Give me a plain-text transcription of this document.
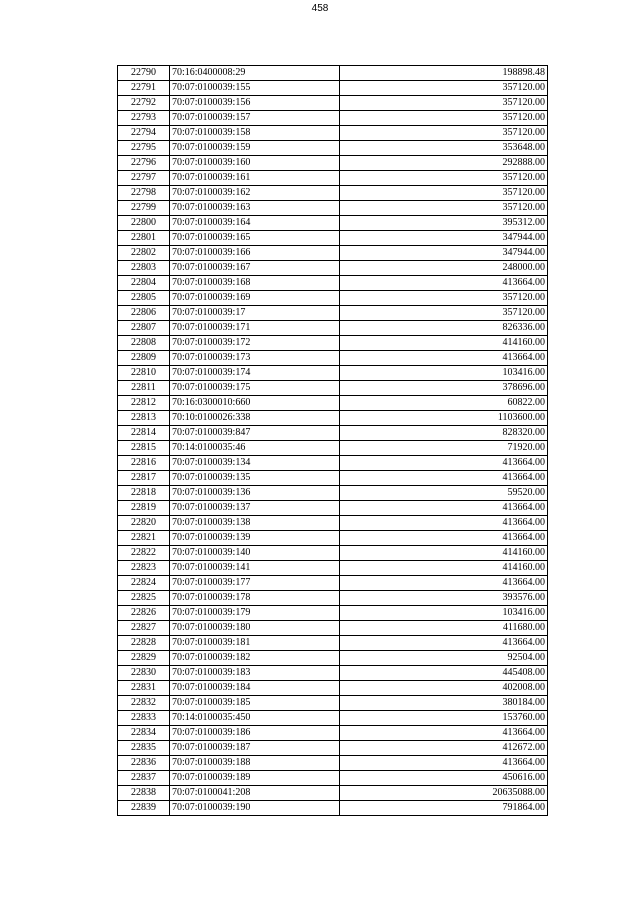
458
22790	70:16:0400008:29	198898.48
22791	70:07:0100039:155	357120.00
22792	70:07:0100039:156	357120.00
22793	70:07:0100039:157	357120.00
22794	70:07:0100039:158	357120.00
22795	70:07:0100039:159	353648.00
22796	70:07:0100039:160	292888.00
22797	70:07:0100039:161	357120.00
22798	70:07:0100039:162	357120.00
22799	70:07:0100039:163	357120.00
22800	70:07:0100039:164	395312.00
22801	70:07:0100039:165	347944.00
22802	70:07:0100039:166	347944.00
22803	70:07:0100039:167	248000.00
22804	70:07:0100039:168	413664.00
22805	70:07:0100039:169	357120.00
22806	70:07:0100039:17	357120.00
22807	70:07:0100039:171	826336.00
22808	70:07:0100039:172	414160.00
22809	70:07:0100039:173	413664.00
22810	70:07:0100039:174	103416.00
22811	70:07:0100039:175	378696.00
22812	70:16:0300010:660	60822.00
22813	70:10:0100026:338	1103600.00
22814	70:07:0100039:847	828320.00
22815	70:14:0100035:46	71920.00
22816	70:07:0100039:134	413664.00
22817	70:07:0100039:135	413664.00
22818	70:07:0100039:136	59520.00
22819	70:07:0100039:137	413664.00
22820	70:07:0100039:138	413664.00
22821	70:07:0100039:139	413664.00
22822	70:07:0100039:140	414160.00
22823	70:07:0100039:141	414160.00
22824	70:07:0100039:177	413664.00
22825	70:07:0100039:178	393576.00
22826	70:07:0100039:179	103416.00
22827	70:07:0100039:180	411680.00
22828	70:07:0100039:181	413664.00
22829	70:07:0100039:182	92504.00
22830	70:07:0100039:183	445408.00
22831	70:07:0100039:184	402008.00
22832	70:07:0100039:185	380184.00
22833	70:14:0100035:450	153760.00
22834	70:07:0100039:186	413664.00
22835	70:07:0100039:187	412672.00
22836	70:07:0100039:188	413664.00
22837	70:07:0100039:189	450616.00
22838	70:07:0100041:208	20635088.00
22839	70:07:0100039:190	791864.00
